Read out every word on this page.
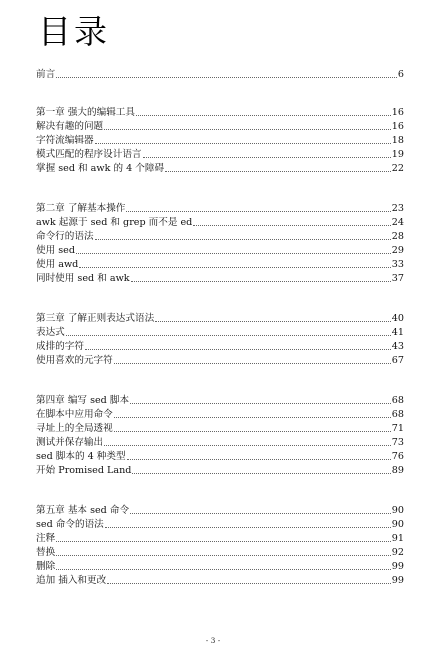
目录
前言	6
第一章 强大的编辑工具	16
解决有趣的问题	16
字符流编辑器	18
模式匹配的程序设计语言	19
掌握 sed 和 awk 的 4 个障碍	22
第二章 了解基本操作	23
awk 起源于 sed 和 grep 而不是 ed	24
命令行的语法	28
使用 sed	29
使用 awd	33
同时使用 sed 和 awk	37
第三章 了解正则表达式语法	40
表达式	41
成排的字符	43
使用喜欢的元字符	67
第四章 编写 sed 脚本	68
在脚本中应用命令	68
寻址上的全局透视	71
测试并保存输出	73
sed 脚本的 4 种类型	76
开始 Promised Land	89
第五章 基本 sed 命令	90
sed 命令的语法	90
注释	91
替换	92
删除	99
追加 插入和更改	99
- 3 -
